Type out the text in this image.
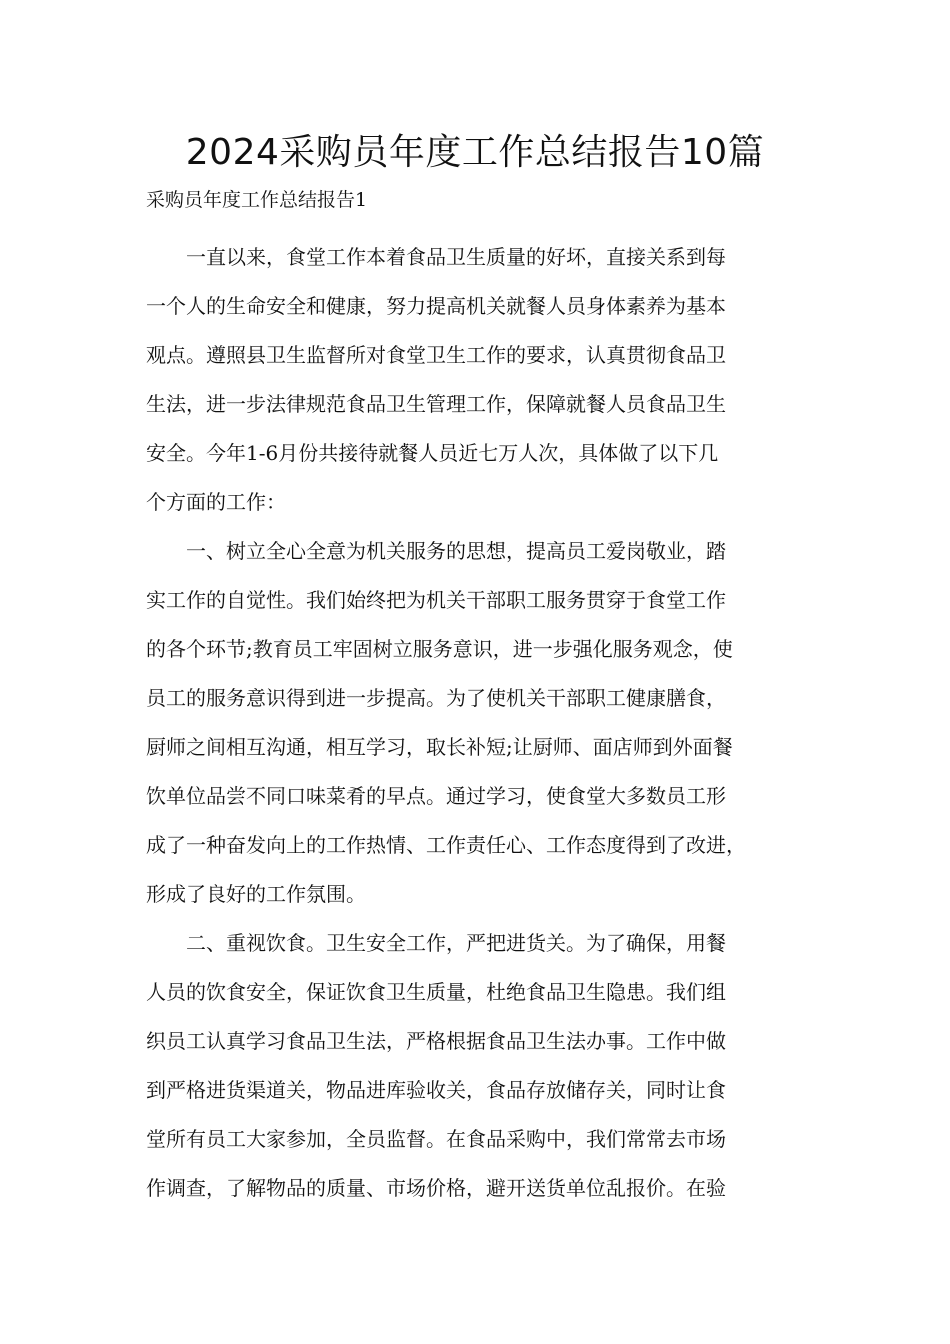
2024采购员年度工作总结报告10篇

采购员年度工作总结报告1

一直以来，食堂工作本着食品卫生质量的好坏，直接关系到每
一个人的生命安全和健康，努力提高机关就餐人员身体素养为基本
观点。遵照县卫生监督所对食堂卫生工作的要求，认真贯彻食品卫
生法，进一步法律规范食品卫生管理工作，保障就餐人员食品卫生
安全。今年1-6月份共接待就餐人员近七万人次，具体做了以下几
个方面的工作：

一、树立全心全意为机关服务的思想，提高员工爱岗敬业，踏
实工作的自觉性。我们始终把为机关干部职工服务贯穿于食堂工作
的各个环节;教育员工牢固树立服务意识，进一步强化服务观念，使
员工的服务意识得到进一步提高。为了使机关干部职工健康膳食，
厨师之间相互沟通，相互学习，取长补短;让厨师、面店师到外面餐
饮单位品尝不同口味菜肴的早点。通过学习，使食堂大多数员工形
成了一种奋发向上的工作热情、工作责任心、工作态度得到了改进，
形成了良好的工作氛围。

二、重视饮食。卫生安全工作，严把进货关。为了确保，用餐
人员的饮食安全，保证饮食卫生质量，杜绝食品卫生隐患。我们组
织员工认真学习食品卫生法，严格根据食品卫生法办事。工作中做
到严格进货渠道关，物品进库验收关，食品存放储存关，同时让食
堂所有员工大家参加，全员监督。在食品采购中，我们常常去市场
作调查，了解物品的质量、市场价格，避开送货单位乱报价。在验
